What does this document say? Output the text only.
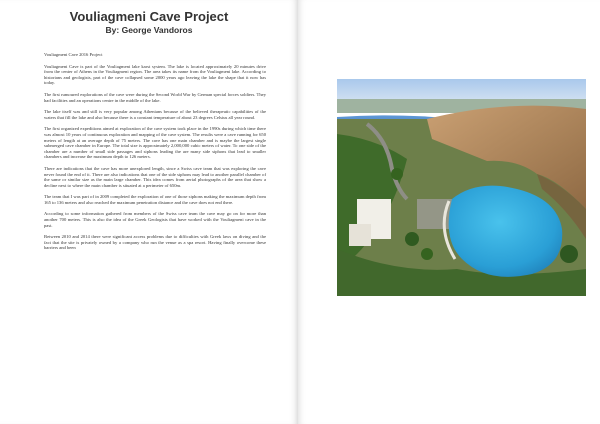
Vouliagmeni Cave Project
By: George Vandoros

Vouliagmeni Cave 2016 Project

Vouliagmeni Cave is part of the Vouliagmeni lake karst system. The lake is located approximately 20 minutes drive from the center of Athens in the Vouliagmeni region. The area takes its name from the Vouliagmeni lake. According to historians and geologists, part of the cave collapsed some 2000 years ago leaving the lake the shape that it now has today.

The first rumoured explorations of the cave were during the Second World War by German special forces soldiers. They had facilities and an operations centre in the middle of the lake.

The lake itself was and still is very popular among Athenians because of the believed therapeutic capabilities of the waters that fill the lake and also because there is a constant temperature of about 23 degrees Celsius all year round.

The first organized expeditions aimed at exploration of the cave system took place in the 1990s during which time there was almost 10 years of continuous exploration and mapping of the cave system. The results were a cave running for 650 meters of length at an average depth of 75 meters. The cave has one main chamber and is maybe the largest single submerged cave chamber in Europe. The total size is approximately 2,000,000 cubic meters of water. To one side of the chamber are a number of small side passages and siphons leading the are many side siphons that lead to smaller chambers and increase the maximum depth to 126 meters.

There are indications that the cave has more unexplored length, since a Swiss cave team that was exploring the cave never found the end of it. There are also indications that one of the side siphons may lead to another parallel chamber of the same or similar size as the main large chamber. This idea comes from aerial photographs of the area that show a decline next to where the main chamber is situated at a perimeter of 650m.

The team that I was part of in 2009 completed the exploration of one of those siphons making the maximum depth from 165 to 136 meters and also reached the maximum penetration distance and the cave does not end there.

According to some information gathered from members of the Swiss cave team the cave may go on for more than another 700 meters. This is also the idea of the Greek Geologists that have worked with the Vouliagmeni cave in the past.

Between 2010 and 2014 there were significant access problems due to difficulties with Greek laws on diving and the fact that the site is privately owned by a company who run the venue as a spa resort. Having finally overcome these barriers and been
